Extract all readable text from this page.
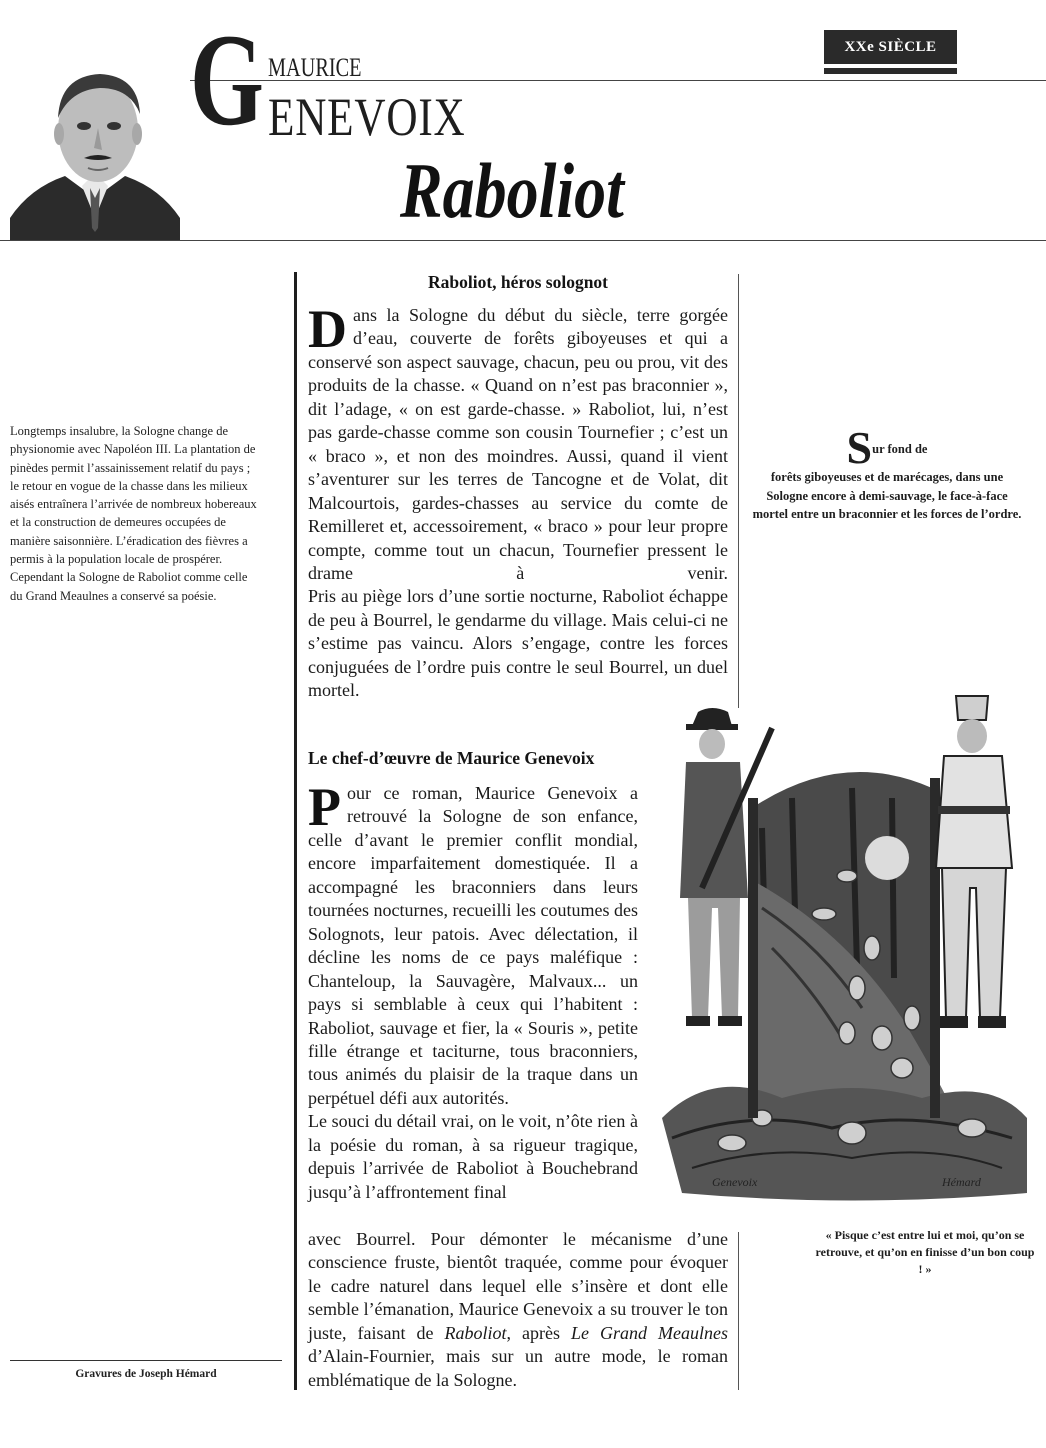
XXe SIÈCLE
G MAURICE
ENEVOIX
Raboliot
Longtemps insalubre, la Sologne change de physionomie avec Napoléon III. La plantation de pinèdes permit l’assainissement relatif du pays ; le retour en vogue de la chasse dans les milieux aisés entraînera l’arrivée de nombreux hobereaux et la construction de demeures occupées de manière saisonnière. L’éradication des fièvres a permis à la population locale de prospérer. Cependant la Sologne de Raboliot comme celle du Grand Meaulnes a conservé sa poésie.
Gravures de Joseph Hémard
Raboliot, héros solognot
D ans la Sologne du début du siècle, terre gorgée d’eau, couverte de forêts giboyeuses et qui a conservé son aspect sauvage, chacun, peu ou prou, vit des produits de la chasse. « Quand on n’est pas braconnier », dit l’adage, « on est garde-chasse. » Raboliot, lui, n’est pas garde-chasse comme son cousin Tournefier ; c’est un « braco », et non des moindres. Aussi, quand il vient s’aventurer sur les terres de Tancogne et de Volat, dit Malcourtois, gardes-chasses au service du comte de Remilleret et, accessoirement, « braco » pour leur propre compte, comme tout un chacun, Tournefier pressent le drame à venir.
Pris au piège lors d’une sortie nocturne, Raboliot échappe de peu à Bourrel, le gendarme du village. Mais celui-ci ne s’estime pas vaincu. Alors s’engage, contre les forces conjuguées de l’ordre puis contre le seul Bourrel, un duel mortel.
Le chef-d’œuvre de Maurice Genevoix
P our ce roman, Maurice Genevoix a retrouvé la Sologne de son enfance, celle d’avant le premier conflit mondial, encore imparfaitement domestiquée. Il a accompagné les braconniers dans leurs tournées nocturnes, recueilli les coutumes des Solognots, leur patois. Avec délectation, il décline les noms de ce pays maléfique : Chanteloup, la Sauvagère, Malvaux... un pays si semblable à ceux qui l’habitent : Raboliot, sauvage et fier, la « Souris », petite fille étrange et taciturne, tous braconniers, tous animés du plaisir de la traque dans un perpétuel défi aux autorités.
Le souci du détail vrai, on le voit, n’ôte rien à la poésie du roman, à sa rigueur tragique, depuis l’arrivée de Raboliot à Bouchebrand jusqu’à l’affrontement final
avec Bourrel. Pour démonter le mécanisme d’une conscience fruste, bientôt traquée, comme pour évoquer le cadre naturel dans lequel elle s’insère et dont elle semble l’émanation, Maurice Genevoix a su trouver le ton juste, faisant de Raboliot, après Le Grand Meaulnes d’Alain-Fournier, mais sur un autre mode, le roman emblématique de la Sologne.
Sur fond de
forêts giboyeuses et de marécages, dans une Sologne encore à demi-sauvage, le face-à-face mortel entre un braconnier et les forces de l’ordre.
Genevoix	Hémard
« Pisque c’est entre lui et moi, qu’on se retrouve, et qu’on en finisse d’un bon coup ! »
